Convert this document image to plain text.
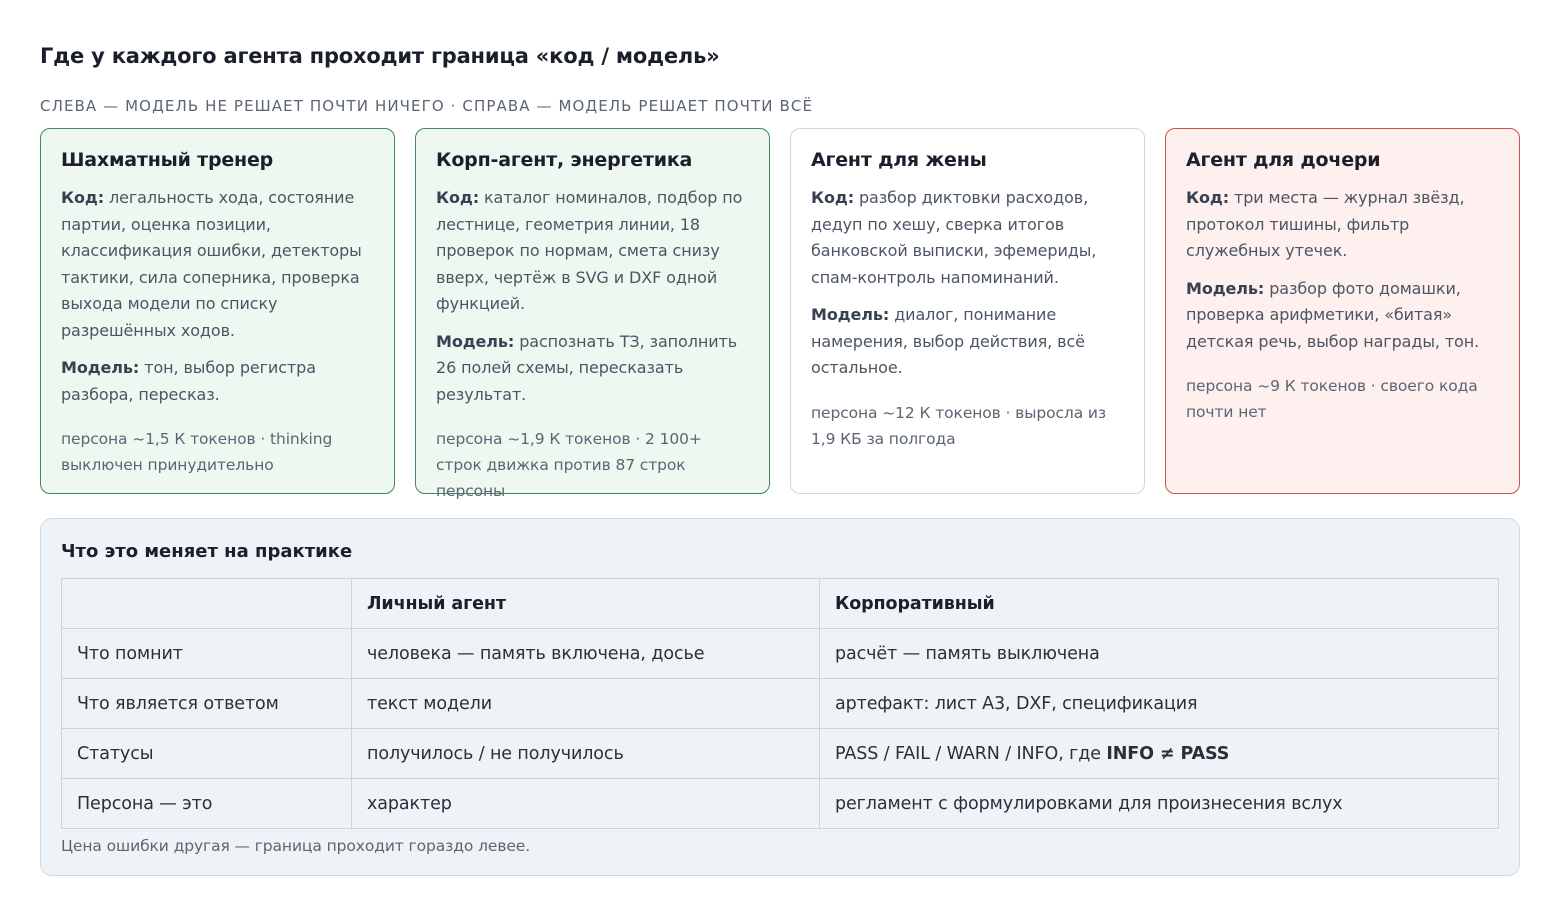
Где у каждого агента проходит граница «код / модель»
СЛЕВА — МОДЕЛЬ НЕ РЕШАЕТ ПОЧТИ НИЧЕГО · СПРАВА — МОДЕЛЬ РЕШАЕТ ПОЧТИ ВСЁ
Шахматный тренер

Код: легальность хода, состояние партии, оценка позиции, классификация ошибки, детекторы тактики, сила соперника, проверка выхода модели по списку разрешённых ходов.

Модель: тон, выбор регистра разбора, пересказ.

персона ~1,5 К токенов · thinking выключен принудительно

Корп-агент, энергетика

Код: каталог номиналов, подбор по лестнице, геометрия линии, 18 проверок по нормам, смета снизу вверх, чертёж в SVG и DXF одной функцией.

Модель: распознать ТЗ, заполнить 26 полей схемы, пересказать результат.

персона ~1,9 К токенов · 2 100+ строк движка против 87 строк персоны

Агент для жены

Код: разбор диктовки расходов, дедуп по хешу, сверка итогов банковской выписки, эфемериды, спам-контроль напоминаний.

Модель: диалог, понимание намерения, выбор действия, всё остальное.

персона ~12 К токенов · выросла из 1,9 КБ за полгода

Агент для дочери

Код: три места — журнал звёзд, протокол тишины, фильтр служебных утечек.

Модель: разбор фото домашки, проверка арифметики, «битая» детская речь, выбор награды, тон.

персона ~9 К токенов · своего кода почти нет

Что это меняет на практике
	Личный агент	Корпоративный
Что помнит	человека — память включена, досье	расчёт — память выключена
Что является ответом	текст модели	артефакт: лист А3, DXF, спецификация
Статусы	получилось / не получилось	PASS / FAIL / WARN / INFO, где INFO ≠ PASS
Персона — это	характер	регламент с формулировками для произнесения вслух
Цена ошибки другая — граница проходит гораздо левее.
